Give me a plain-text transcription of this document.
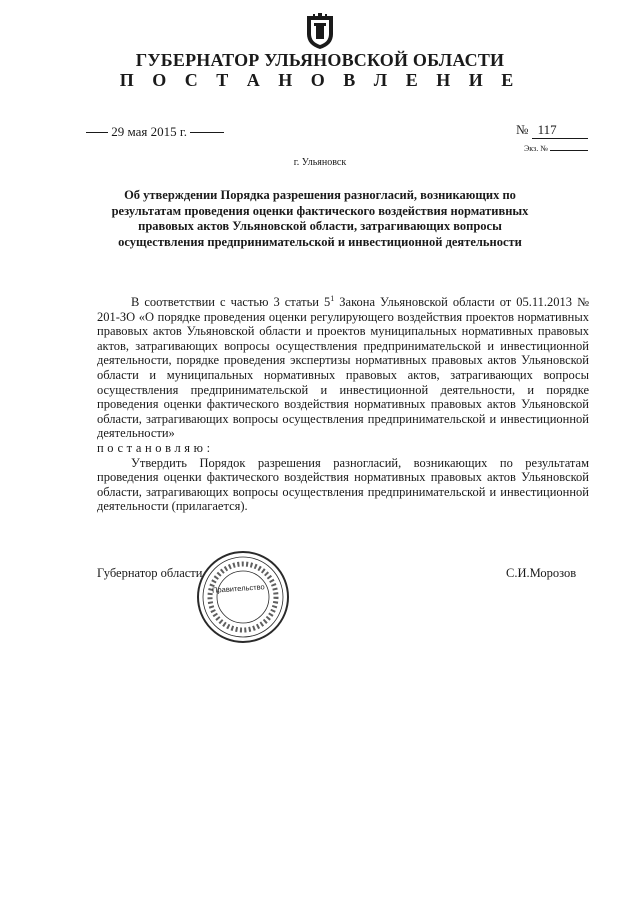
ГУБЕРНАТОР УЛЬЯНОВСКОЙ ОБЛАСТИ
П О С Т А Н О В Л Е Н И Е
29 мая 2015 г.	№ 117
Экз. №
г. Ульяновск
Об утверждении Порядка разрешения разногласий, возникающих по результатам проведения оценки фактического воздействия нормативных правовых актов Ульяновской области, затрагивающих вопросы осуществления предпринимательской и инвестиционной деятельности

В соответствии с частью 3 статьи $5^1$ Закона Ульяновской области от 05.11.2013 № 201-ЗО «О порядке проведения оценки регулирующего воздействия проектов нормативных правовых актов Ульяновской области и проектов муниципальных нормативных правовых актов, затрагивающих вопросы осуществления предпринимательской и инвестиционной деятельности, порядке проведения экспертизы нормативных правовых актов Ульяновской области и муниципальных нормативных правовых актов, затрагивающих вопросы осуществления предпринимательской и инвестиционной деятельности, и порядке проведения оценки фактического воздействия нормативных правовых актов Ульяновской области, затрагивающих вопросы осуществления предпринимательской и инвестиционной деятельности»

постановляю:

Утвердить Порядок разрешения разногласий, возникающих по результатам проведения оценки фактического воздействия нормативных правовых актов Ульяновской области, затрагивающих вопросы осуществления предпринимательской и инвестиционной деятельности (прилагается).

Губернатор области
Правительство
С.И.Морозов
